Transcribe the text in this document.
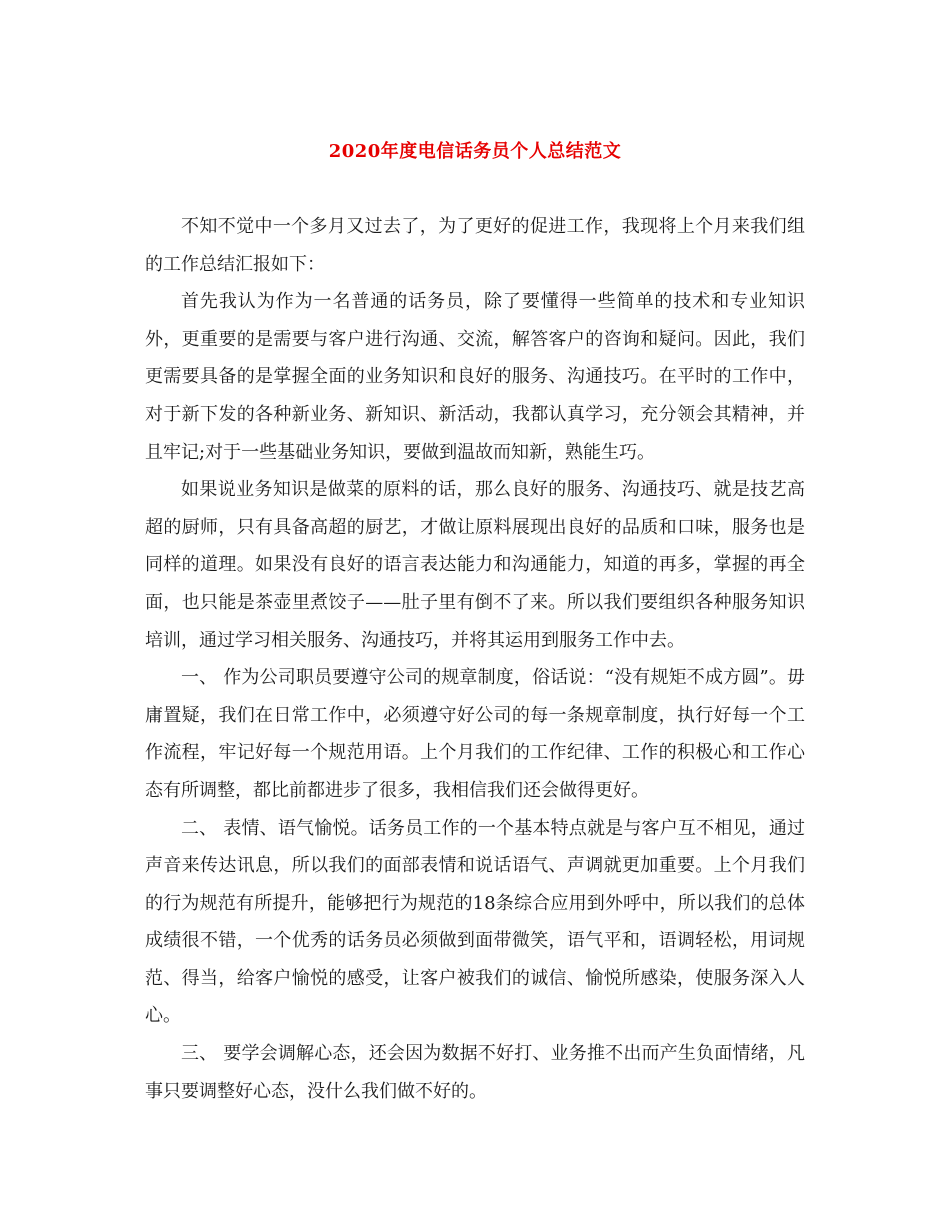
2020年度电信话务员个人总结范文

不知不觉中一个多月又过去了，为了更好的促进工作，我现将上个月来我们组的工作总结汇报如下：

首先我认为作为一名普通的话务员，除了要懂得一些简单的技术和专业知识外，更重要的是需要与客户进行沟通、交流，解答客户的咨询和疑问。因此，我们更需要具备的是掌握全面的业务知识和良好的服务、沟通技巧。在平时的工作中，对于新下发的各种新业务、新知识、新活动，我都认真学习，充分领会其精神，并且牢记;对于一些基础业务知识，要做到温故而知新，熟能生巧。

如果说业务知识是做菜的原料的话，那么良好的服务、沟通技巧、就是技艺高超的厨师，只有具备高超的厨艺，才做让原料展现出良好的品质和口味，服务也是同样的道理。如果没有良好的语言表达能力和沟通能力，知道的再多，掌握的再全面，也只能是茶壶里煮饺子——肚子里有倒不了来。所以我们要组织各种服务知识培训，通过学习相关服务、沟通技巧，并将其运用到服务工作中去。

一、 作为公司职员要遵守公司的规章制度，俗话说：“没有规矩不成方圆”。毋庸置疑，我们在日常工作中，必须遵守好公司的每一条规章制度，执行好每一个工作流程，牢记好每一个规范用语。上个月我们的工作纪律、工作的积极心和工作心态有所调整，都比前都进步了很多，我相信我们还会做得更好。

二、 表情、语气愉悦。话务员工作的一个基本特点就是与客户互不相见，通过声音来传达讯息，所以我们的面部表情和说话语气、声调就更加重要。上个月我们的行为规范有所提升，能够把行为规范的18条综合应用到外呼中，所以我们的总体成绩很不错，一个优秀的话务员必须做到面带微笑，语气平和，语调轻松，用词规范、得当，给客户愉悦的感受，让客户被我们的诚信、愉悦所感染，使服务深入人心。

三、 要学会调解心态，还会因为数据不好打、业务推不出而产生负面情绪，凡事只要调整好心态，没什么我们做不好的。
